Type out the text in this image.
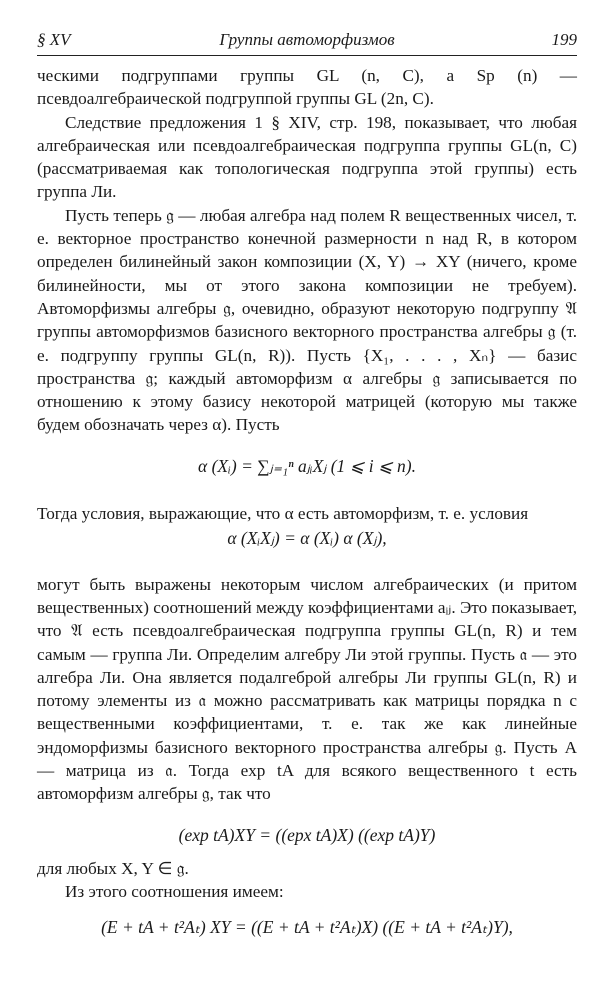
§ XV	Группы автоморфизмов	199

ческими подгруппами группы GL (n, C), а Sp (n) — псевдоалгебраической подгруппой группы GL (2n, C).

Следствие предложения 1 § XIV, стр. 198, показывает, что любая алгебраическая или псевдоалгебраическая подгруппа группы GL(n, C) (рассматриваемая как топологическая подгруппа этой группы) есть группа Ли.

Пусть теперь 𝔤 — любая алгебра над полем R вещественных чисел, т. е. векторное пространство конечной размерности n над R, в котором определен билинейный закон композиции (X, Y) → XY (ничего, кроме билинейности, мы от этого закона композиции не требуем). Автоморфизмы алгебры 𝔤, очевидно, образуют некоторую подгруппу 𝔄 группы автоморфизмов базисного векторного пространства алгебры 𝔤 (т. е. подгруппу группы GL(n, R)). Пусть {X₁, . . . , Xₙ} — базис пространства 𝔤; каждый автоморфизм α алгебры 𝔤 записывается по отношению к этому базису некоторой матрицей (которую мы также будем обозначать через α). Пусть

α (Xᵢ) = ∑ⱼ₌₁ⁿ aⱼᵢXⱼ (1 ⩽ i ⩽ n).

Тогда условия, выражающие, что α есть автоморфизм, т. е. условия

α (XᵢXⱼ) = α (Xᵢ) α (Xⱼ),

могут быть выражены некоторым числом алгебраических (и притом вещественных) соотношений между коэффициентами aᵢⱼ. Это показывает, что 𝔄 есть псевдоалгебраическая подгруппа группы GL(n, R) и тем самым — группа Ли. Определим алгебру Ли этой группы. Пусть 𝔞 — это алгебра Ли. Она является подалгеброй алгебры Ли группы GL(n, R) и потому элементы из 𝔞 можно рассматривать как матрицы порядка n с вещественными коэффициентами, т. е. так же как линейные эндоморфизмы базисного векторного пространства алгебры 𝔤. Пусть A — матрица из 𝔞. Тогда exp tA для всякого вещественного t есть автоморфизм алгебры 𝔤, так что

(exp tA)XY = ((epx tA)X) ((exp tA)Y)

для любых X, Y ∈ 𝔤.

Из этого соотношения имеем:

(E + tA + t²Aₜ) XY = ((E + tA + t²Aₜ)X) ((E + tA + t²Aₜ)Y),
